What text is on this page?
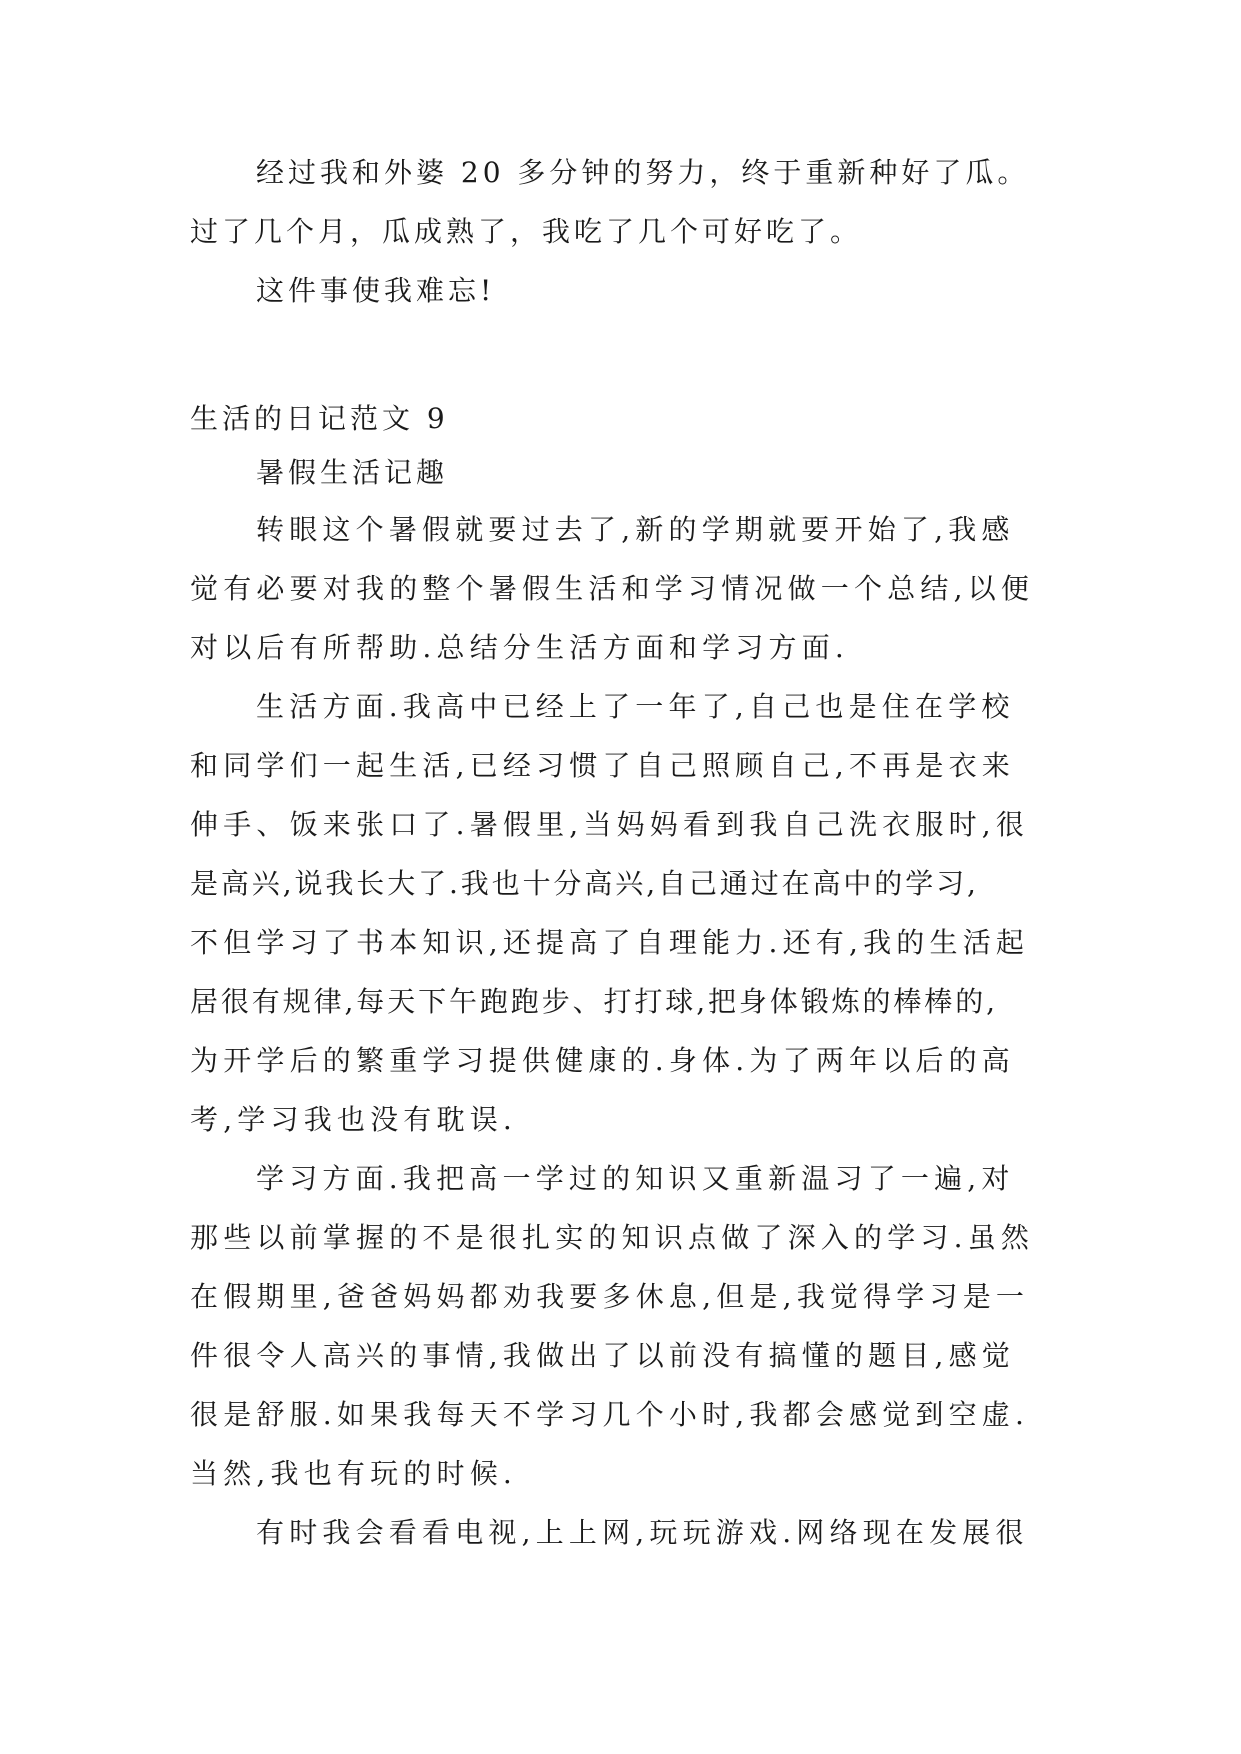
经过我和外婆 20 多分钟的努力，终于重新种好了瓜。

过了几个月，瓜成熟了，我吃了几个可好吃了。

这件事使我难忘!

生活的日记范文 9

暑假生活记趣

转眼这个暑假就要过去了,新的学期就要开始了,我感

觉有必要对我的整个暑假生活和学习情况做一个总结,以便

对以后有所帮助.总结分生活方面和学习方面.

生活方面.我高中已经上了一年了,自己也是住在学校

和同学们一起生活,已经习惯了自己照顾自己,不再是衣来

伸手、饭来张口了.暑假里,当妈妈看到我自己洗衣服时,很

是高兴,说我长大了.我也十分高兴,自己通过在高中的学习,

不但学习了书本知识,还提高了自理能力.还有,我的生活起

居很有规律,每天下午跑跑步、打打球,把身体锻炼的棒棒的,

为开学后的繁重学习提供健康的.身体.为了两年以后的高

考,学习我也没有耽误.

学习方面.我把高一学过的知识又重新温习了一遍,对

那些以前掌握的不是很扎实的知识点做了深入的学习.虽然

在假期里,爸爸妈妈都劝我要多休息,但是,我觉得学习是一

件很令人高兴的事情,我做出了以前没有搞懂的题目,感觉

很是舒服.如果我每天不学习几个小时,我都会感觉到空虚.

当然,我也有玩的时候.

有时我会看看电视,上上网,玩玩游戏.网络现在发展很
